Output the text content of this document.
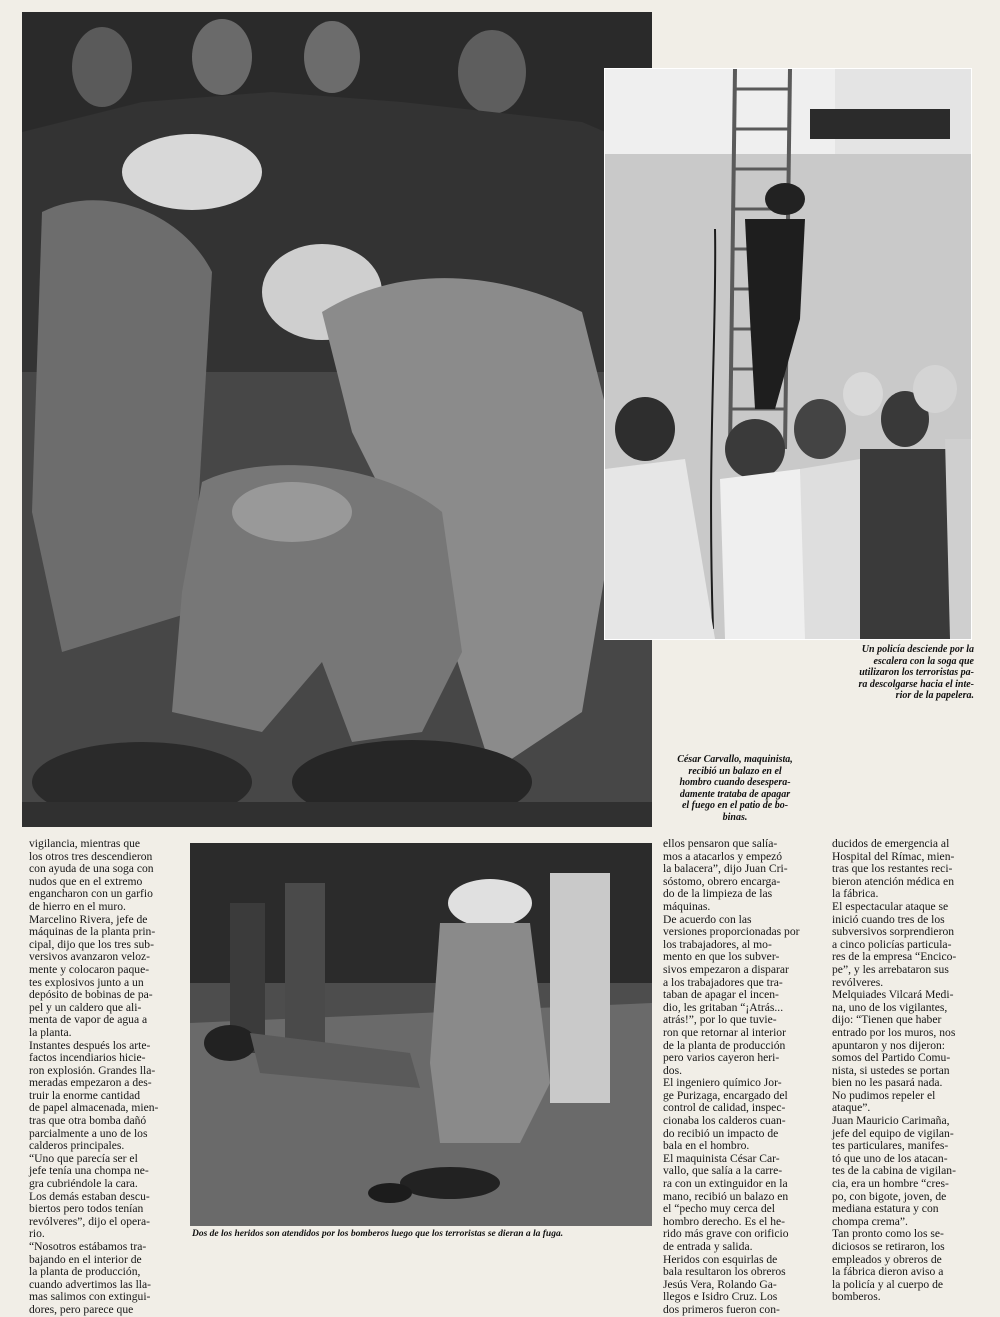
Un policía desciende por la
escalera con la soga que
utilizaron los terroristas pa-
ra descolgarse hacia el inte-
rior de la papelera.
César Carvallo, maquinista,
recibió un balazo en el
hombro cuando desespera-
damente trataba de apagar
el fuego en el patio de bo-
binas.
Dos de los heridos son atendidos por los bomberos luego que los terroristas se dieran a la fuga.
vigilancia, mientras que
los otros tres descendieron
con ayuda de una soga con
nudos que en el extremo
engancharon con un garfio
de hierro en el muro.
Marcelino Rivera, jefe de
máquinas de la planta prin-
cipal, dijo que los tres sub-
versivos avanzaron veloz-
mente y colocaron paque-
tes explosivos junto a un
depósito de bobinas de pa-
pel y un caldero que ali-
menta de vapor de agua a
la planta.
Instantes después los arte-
factos incendiarios hicie-
ron explosión. Grandes lla-
meradas empezaron a des-
truir la enorme cantidad
de papel almacenada, mien-
tras que otra bomba dañó
parcialmente a uno de los
calderos principales.
“Uno que parecía ser el
jefe tenía una chompa ne-
gra cubriéndole la cara.
Los demás estaban descu-
biertos pero todos tenían
revólveres”, dijo el opera-
rio.
“Nosotros estábamos tra-
bajando en el interior de
la planta de producción,
cuando advertimos las lla-
mas salimos con extingui-
dores, pero parece que
ellos pensaron que salía-
mos a atacarlos y empezó
la balacera”, dijo Juan Cri-
sóstomo, obrero encarga-
do de la limpieza de las
máquinas.
De acuerdo con las
versiones proporcionadas por
los trabajadores, al mo-
mento en que los subver-
sivos empezaron a disparar
a los trabajadores que tra-
taban de apagar el incen-
dio, les gritaban “¡Atrás...
atrás!”, por lo que tuvie-
ron que retornar al interior
de la planta de producción
pero varios cayeron heri-
dos.
El ingeniero químico Jor-
ge Purizaga, encargado del
control de calidad, inspec-
cionaba los calderos cuan-
do recibió un impacto de
bala en el hombro.
El maquinista César Car-
vallo, que salía a la carre-
ra con un extinguidor en la
mano, recibió un balazo en
el “pecho muy cerca del
hombro derecho. Es el he-
rido más grave con orificio
de entrada y salida.
Heridos con esquirlas de
bala resultaron los obreros
Jesús Vera, Rolando Ga-
llegos e Isidro Cruz. Los
dos primeros fueron con-
ducidos de emergencia al
Hospital del Rímac, mien-
tras que los restantes reci-
bieron atención médica en
la fábrica.
El espectacular ataque se
inició cuando tres de los
subversivos sorprendieron
a cinco policías particula-
res de la empresa “Encico-
pe”, y les arrebataron sus
revólveres.
Melquiades Vilcará Medi-
na, uno de los vigilantes,
dijo: “Tienen que haber
entrado por los muros, nos
apuntaron y nos dijeron:
somos del Partido Comu-
nista, si ustedes se portan
bien no les pasará nada.
No pudimos repeler el
ataque”.
Juan Mauricio Carimaña,
jefe del equipo de vigilan-
tes particulares, manifes-
tó que uno de los atacan-
tes de la cabina de vigilan-
cia, era un hombre “cres-
po, con bigote, joven, de
mediana estatura y con
chompa crema”.
Tan pronto como los se-
diciosos se retiraron, los
empleados y obreros de
la fábrica dieron aviso a
la policía y al cuerpo de
bomberos.
